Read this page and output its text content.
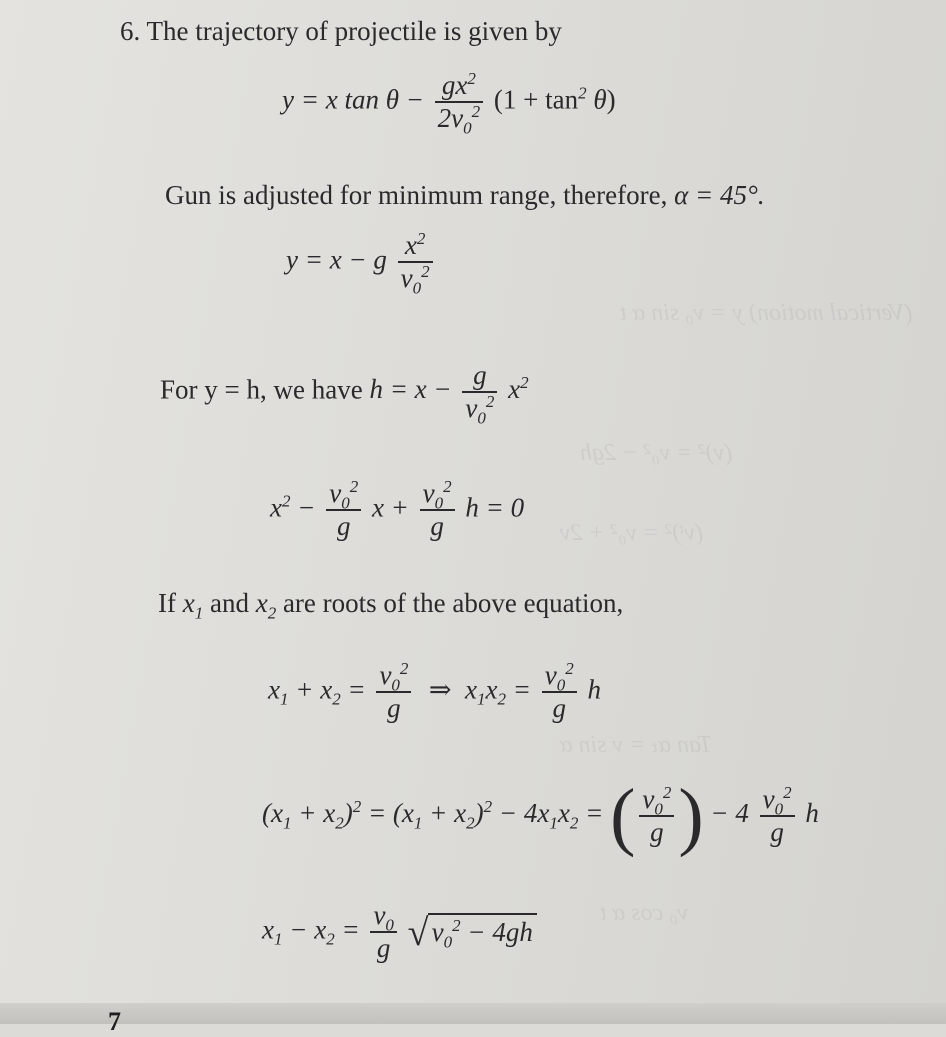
(Vertical motion) y = v₀ sin α t
(v)² = v₀² − 2gh
(vᵗ)² = v₀² + 2v
Tan αₜ = v sin α
v₀ cos α t
6. The trajectory of projectile is given by
y = x $\tan \theta - \frac{gx^2}{2v_0^2} (1 + \tan^2 \theta)$
Gun is adjusted for minimum range, therefore, α = 45°.
y = x − g $\frac{x^2}{v_0^2}$
For y = h, we have $h = x - \frac{g}{v_0^2} x^2$
$x^2 - \frac{v_0^2}{g}$ $x + \frac{v_0^2}{g}$ h = 0
If $x_1$ and $x_2$ are roots of the above equation,
$x_1 + x_2 = \frac{v_0^2}{g}$ ⇒  $x_1x_2 = \frac{v_0^2}{g}$ h
$(x_1 + x_2)^2 = (x_1 + x_2)^2 - 4x_1x_2$ = ( $\frac{v_0^2}{g}$ ) − $4 \frac{v_0^2}{g}$ h
$x_1 - x_2 = \frac{v_0}{g}$
√ $v_0^2 - 4gh$
7
